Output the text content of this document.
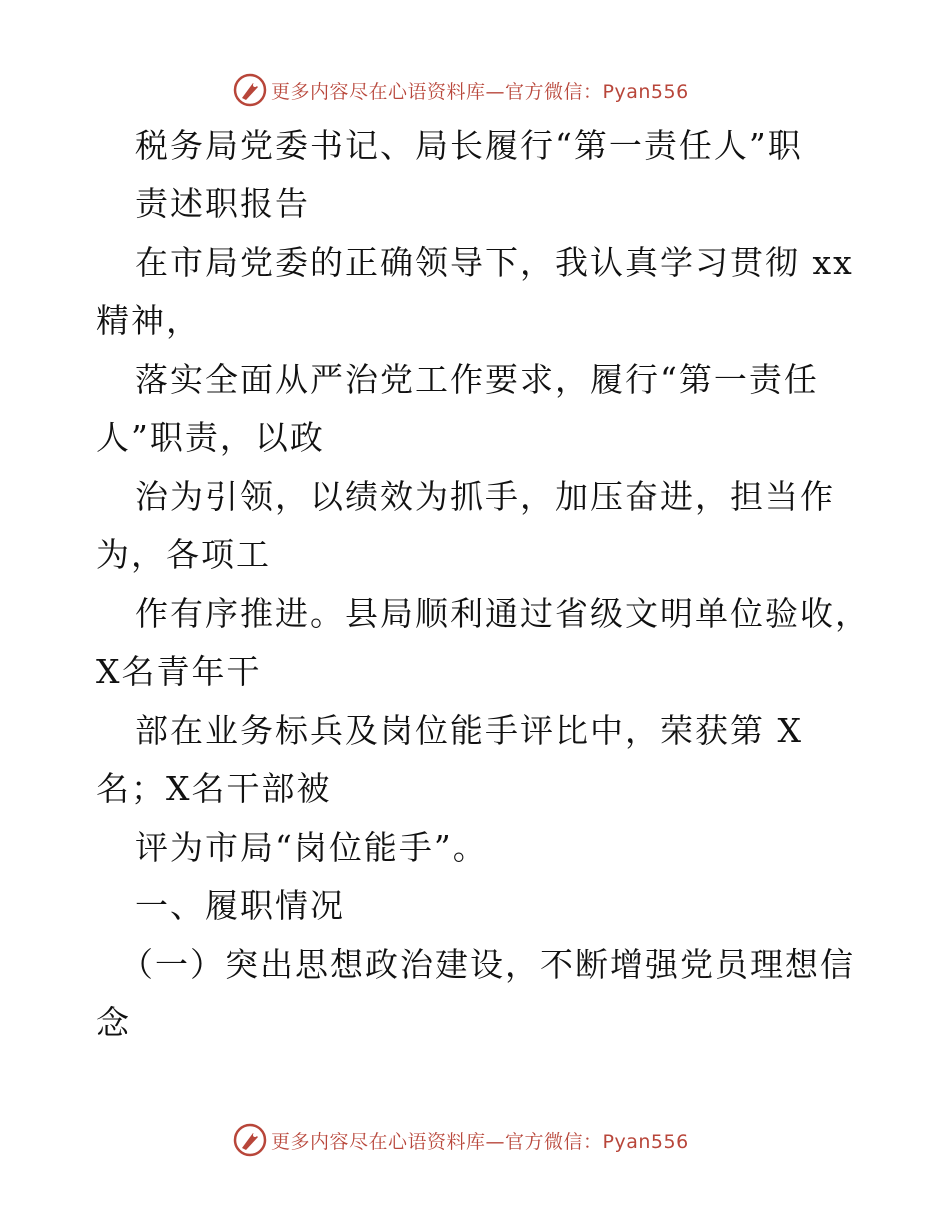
更多内容尽在心语资料库—官方微信：Pyan556
税务局党委书记、局长履行“第一责任人”职
责述职报告
在市局党委的正确领导下，我认真学习贯彻 xx
精神，
落实全面从严治党工作要求，履行“第一责任
人”职责，以政
治为引领，以绩效为抓手，加压奋进，担当作
为，各项工
作有序推进。县局顺利通过省级文明单位验收，
X名青年干
部在业务标兵及岗位能手评比中，荣获第 X
名；X名干部被
评为市局“岗位能手”。
一、履职情况
（一）突出思想政治建设，不断增强党员理想信
念
更多内容尽在心语资料库—官方微信：Pyan556
